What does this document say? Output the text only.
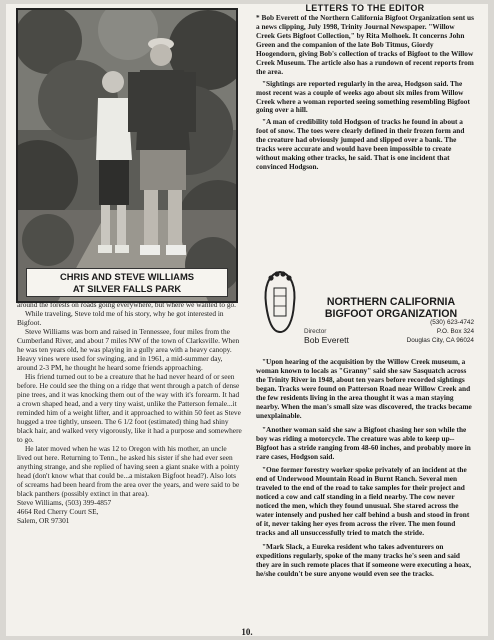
CHRIS AND STEVE WILLIAMS
AT SILVER FALLS PARK

around the forests on roads going everywhere, but where we wanted to go.

While traveling, Steve told me of his story, why he got interested in Bigfoot.

Steve Williams was born and raised in Tennessee, four miles from the Cumberland River, and about 7 miles NW of the town of Clarksville. When he was ten years old, he was playing in a gully area with a heavy canopy. Heavy vines were used for swinging, and in 1961, a mid-summer day, around 2-3 PM, he thought he heard some friends approaching.

His friend turned out to be a creature that he had never heard of or seen before. He could see the thing on a ridge that went through a patch of dense pine trees, and it was knocking them out of the way with it's forearm. It had a crown shaped head, and a very tiny waist, unlike the Patterson female...it reminded him of a weight lifter, and it approached to within 50 feet as Steve hugged a tree tightly, unseen. The 6 1/2 foot (estimated) thing had shiny black hair, and walked very vigorously, like it had a purpose and somewhere to go.

He later moved when he was 12 to Oregon with his mother, an uncle lived out here. Returning to Tenn., he asked his sister if she had ever seen anything strange, and she replied of having seen a giant snake with a pointy head (don't know what that could be...a mistaken Bigfoot head?). Also lots of screams had been heard from the area over the years, and were said to be black panthers (possibly extinct in that area).

Steve Williams, (503) 399-4857

4664 Red Cherry Court SE,

Salem, OR 97301

LETTERS TO THE EDITOR

* Bob Everett of the Northern California Bigfoot Organization sent us a news clipping, July 1998, Trinity Journal Newspaper. "Willow Creek Gets Bigfoot Collection," by Rita Molhoek. It concerns John Green and the companion of the late Bob Titmus, Giordy Hoogendorn, giving Bob's collection of tracks of Bigfoot to the Willow Creek Museum. The article also has a rundown of recent reports from the area.

"Sightings are reported regularly in the area, Hodgson said. The most recent was a couple of weeks ago about six miles from Willow Creek where a woman reported seeing something resembling Bigfoot going over a hill.

"A man of credibility told Hodgson of tracks he found in about a foot of snow. The toes were clearly defined in their frozen form and the creature had obviously jumped and slipped over a bank. The tracks were accurate and would have been impossible to create without making other tracks, he said. That is one incident that convinced Hodgson.

NORTHERN CALIFORNIA
BIGFOOT ORGANIZATION
Director
Bob Everett
(530) 623-4742
P.O. Box 324
Douglas City, CA 96024

"Upon hearing of the acquisition by the Willow Creek museum, a woman known to locals as "Granny" said she saw Sasquatch across the Trinity River in 1948, about ten years before recorded sightings began. Tracks were found on Patterson Road near Willow Creek and the few residents living in the area thought it was a man staying nearby. When the man's small size was discovered, the tracks became unexplainable.

"Another woman said she saw a Bigfoot chasing her son while the boy was riding a motorcycle. The creature was able to keep up--Bigfoot has a stride ranging from 48-60 inches, and probably more in rare cases, Hodgson said.

"One former forestry worker spoke privately of an incident at the end of Underwood Mountain Road in Burnt Ranch. Several men traveled to the end of the road to take samples for their project and noticed a cow and calf standing in a field nearby. The cow never noticed the men, which they found unusual. She stared across the water intensely and pushed her calf behind a bush and stood in front of it, never taking her eyes from across the river. The men found tracks and all unsuccessfully tried to match the stride.

"Mark Slack, a Eureka resident who takes adventurers on expeditions regularly, spoke of the many tracks he's seen and said they are in such remote places that if someone were executing a hoax, he/she couldn't be sure anyone would even see the tracks.

10.
